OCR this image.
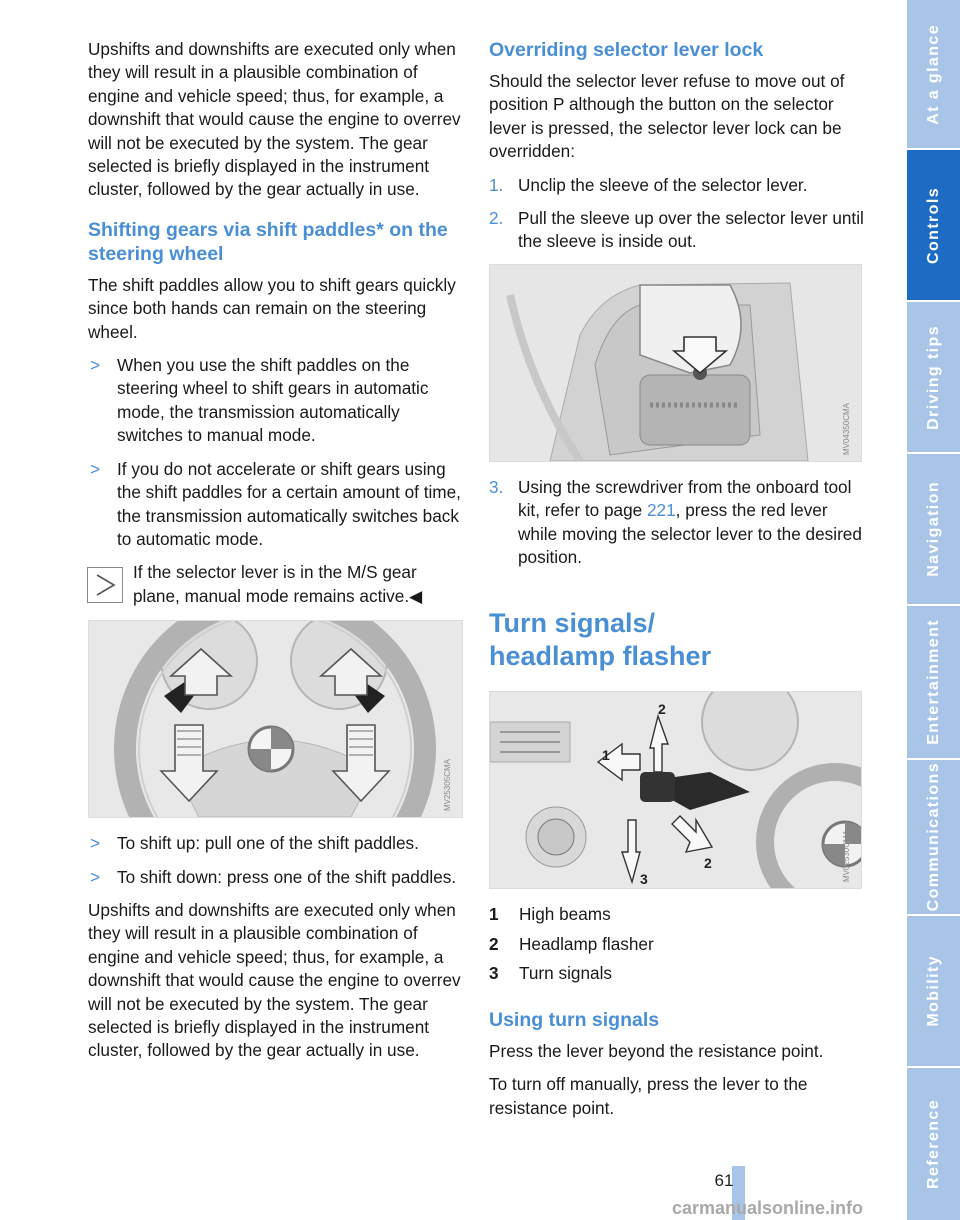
Upshifts and downshifts are executed only when they will result in a plausible combination of engine and vehicle speed; thus, for example, a downshift that would cause the engine to overrev will not be executed by the system. The gear selected is briefly displayed in the instrument cluster, followed by the gear actually in use.

Shifting gears via shift paddles* on the steering wheel

The shift paddles allow you to shift gears quickly since both hands can remain on the steering wheel.

> When you use the shift paddles on the steering wheel to shift gears in automatic mode, the transmission automatically switches to manual mode.
> If you do not accelerate or shift gears using the shift paddles for a certain amount of time, the transmission automatically switches back to automatic mode.
If the selector lever is in the M/S gear plane, manual mode remains active.◀
MV25305CMA
> To shift up: pull one of the shift paddles.
> To shift down: press one of the shift paddles.

Upshifts and downshifts are executed only when they will result in a plausible combination of engine and vehicle speed; thus, for example, a downshift that would cause the engine to overrev will not be executed by the system. The gear selected is briefly displayed in the instrument cluster, followed by the gear actually in use.

Overriding selector lever lock

Should the selector lever refuse to move out of position P although the button on the selector lever is pressed, the selector lever lock can be overridden:

1. Unclip the sleeve of the selector lever.
2. Pull the sleeve up over the selector lever until the sleeve is inside out.
MV04350CMA
3. Using the screwdriver from the onboard tool kit, refer to page 221, press the red lever while moving the selector lever to the desired position.
Turn signals/
headlamp flasher
2
1
2
3	MV02530CMA
1	High beams
2	Headlamp flasher
3	Turn signals
Using turn signals

Press the lever beyond the resistance point.

To turn off manually, press the lever to the resistance point.

At a glance
Controls
Driving tips
Navigation
Entertainment
Communications
Mobility
Reference
61
carmanualsonline.info
